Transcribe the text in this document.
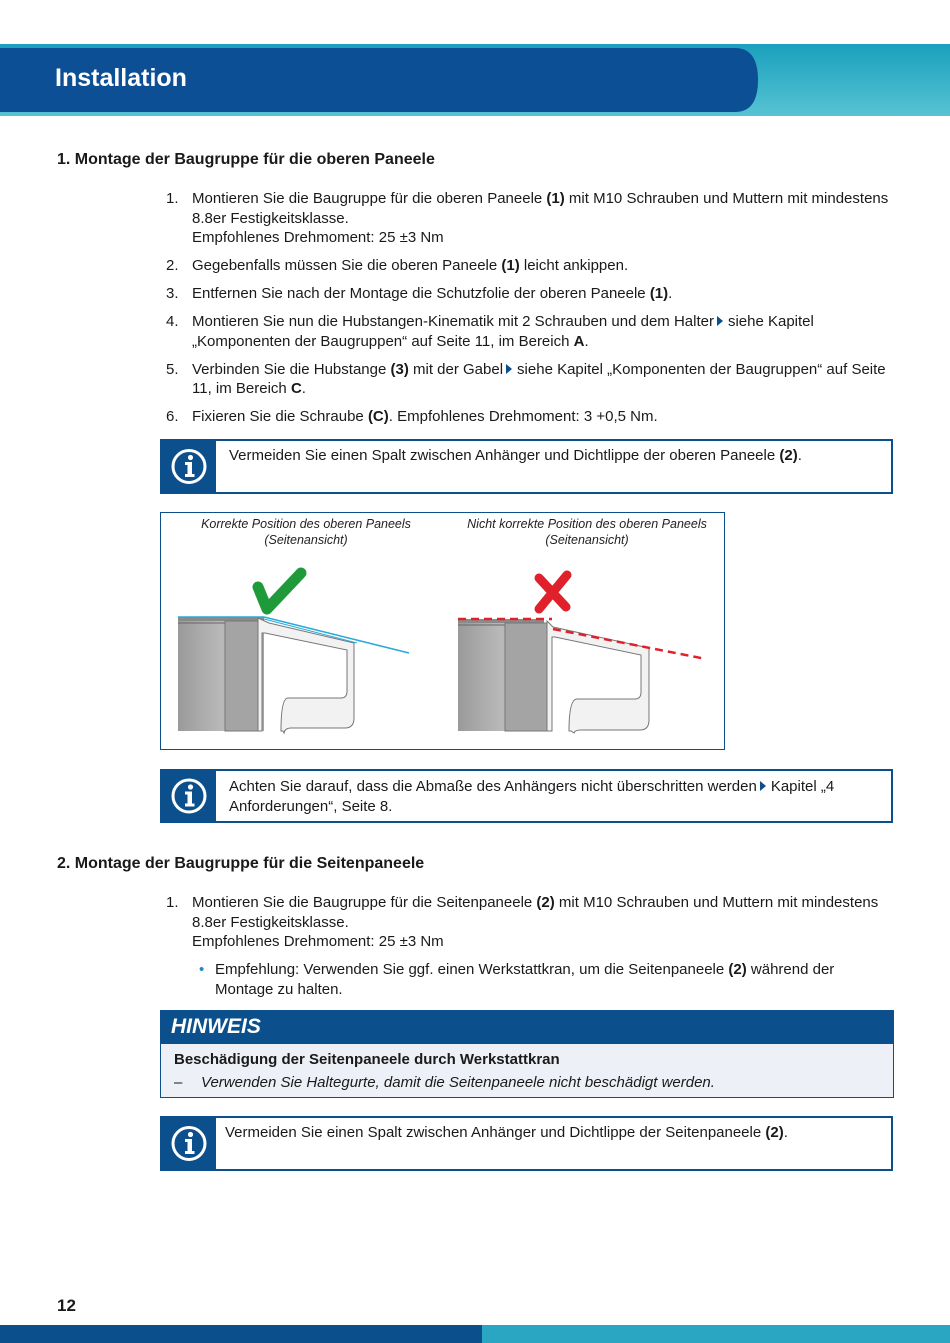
Installation
1. Montage der Baugruppe für die oberen Paneele
1. Montieren Sie die Baugruppe für die oberen Paneele (1) mit M10 Schrauben und Muttern mit mindestens 8.8er Festigkeitsklasse.
Empfohlenes Drehmoment: 25 ±3 Nm
2. Gegebenfalls müssen Sie die oberen Paneele (1) leicht ankippen.
3. Entfernen Sie nach der Montage die Schutzfolie der oberen Paneele (1).
4. Montieren Sie nun die Hubstangen-Kinematik mit 2 Schrauben und dem Halter siehe Kapitel „Komponenten der Baugruppen“ auf Seite 11, im Bereich A.
5. Verbinden Sie die Hubstange (3) mit der Gabel siehe Kapitel „Komponenten der Baugruppen“ auf Seite 11, im Bereich C.
6. Fixieren Sie die Schraube (C). Empfohlenes Drehmoment: 3 +0,5 Nm.
Vermeiden Sie einen Spalt zwischen Anhänger und Dichtlippe der oberen Paneele (2).
Korrekte Position des oberen Paneels
(Seitenansicht)
Nicht korrekte Position des oberen Paneels
(Seitenansicht)
Achten Sie darauf, dass die Abmaße des Anhängers nicht überschritten werden Kapitel „4 Anforderungen“, Seite 8.
2. Montage der Baugruppe für die Seitenpaneele
1. Montieren Sie die Baugruppe für die Seitenpaneele (2) mit M10 Schrauben und Muttern mit mindestens 8.8er Festigkeitsklasse.
Empfohlenes Drehmoment: 25 ±3 Nm
• Empfehlung: Verwenden Sie ggf. einen Werkstattkran, um die Seitenpaneele (2) während der Montage zu halten.
HINWEIS
Beschädigung der Seitenpaneele durch Werkstattkran
– Verwenden Sie Haltegurte, damit die Seitenpaneele nicht beschädigt werden.
Vermeiden Sie einen Spalt zwischen Anhänger und Dichtlippe der Seitenpaneele (2).
12
